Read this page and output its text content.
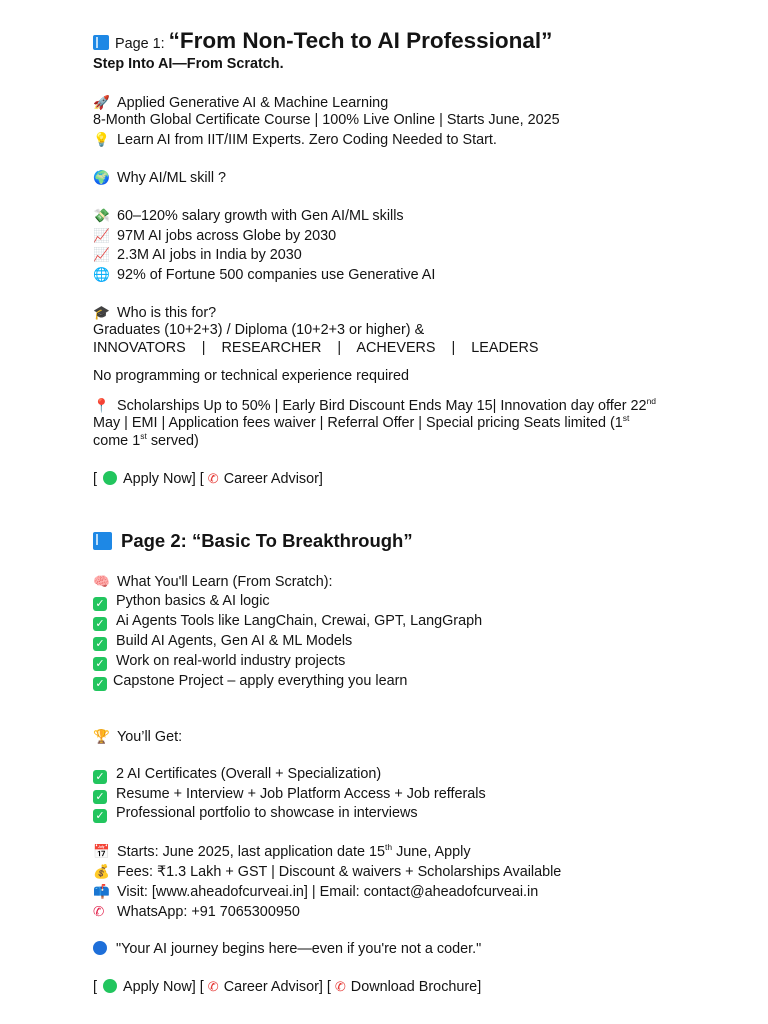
Page 1: “From Non-Tech to AI Professional”
Step Into AI—From Scratch.
🚀 Applied Generative AI & Machine Learning
8-Month Global Certificate Course | 100% Live Online | Starts June, 2025
💡 Learn AI from IIT/IIM Experts. Zero Coding Needed to Start.
🌍 Why AI/ML skill ?
💸 60–120% salary growth with Gen AI/ML skills
📈 97M AI jobs across Globe by 2030
📈 2.3M AI jobs in India by 2030
🌐 92% of Fortune 500 companies use Generative AI
🎓 Who is this for?
Graduates (10+2+3) / Diploma (10+2+3 or higher) &
INNOVATORS    |    RESEARCHER    |    ACHEVERS    |    LEADERS
No programming or technical experience required
📍 Scholarships Up to 50% | Early Bird Discount Ends May 15| Innovation day offer 22nd
May | EMI | Application fees waiver | Referral Offer | Special pricing Seats limited (1st
come 1st served)
[ Apply Now] [ ✆ Career Advisor]
Page 2: “Basic To Breakthrough”
🧠 What You'll Learn (From Scratch):
✓ Python basics & AI logic
✓ Ai Agents Tools like LangChain, Crewai, GPT, LangGraph
✓ Build AI Agents, Gen AI & ML Models
✓ Work on real-world industry projects
✓ Capstone Project – apply everything you learn
🏆 You’ll Get:
✓ 2 AI Certificates (Overall + Specialization)
✓ Resume + Interview + Job Platform Access + Job refferals
✓ Professional portfolio to showcase in interviews
📅 Starts: June 2025, last application date 15th June, Apply
💰 Fees: ₹1.3 Lakh + GST | Discount & waivers + Scholarships Available
📫 Visit: [www.aheadofcurveai.in] | Email: contact@aheadofcurveai.in
✆ WhatsApp: +91 7065300950
"Your AI journey begins here—even if you're not a coder."
[ Apply Now] [ ✆ Career Advisor] [ ✆ Download Brochure]
